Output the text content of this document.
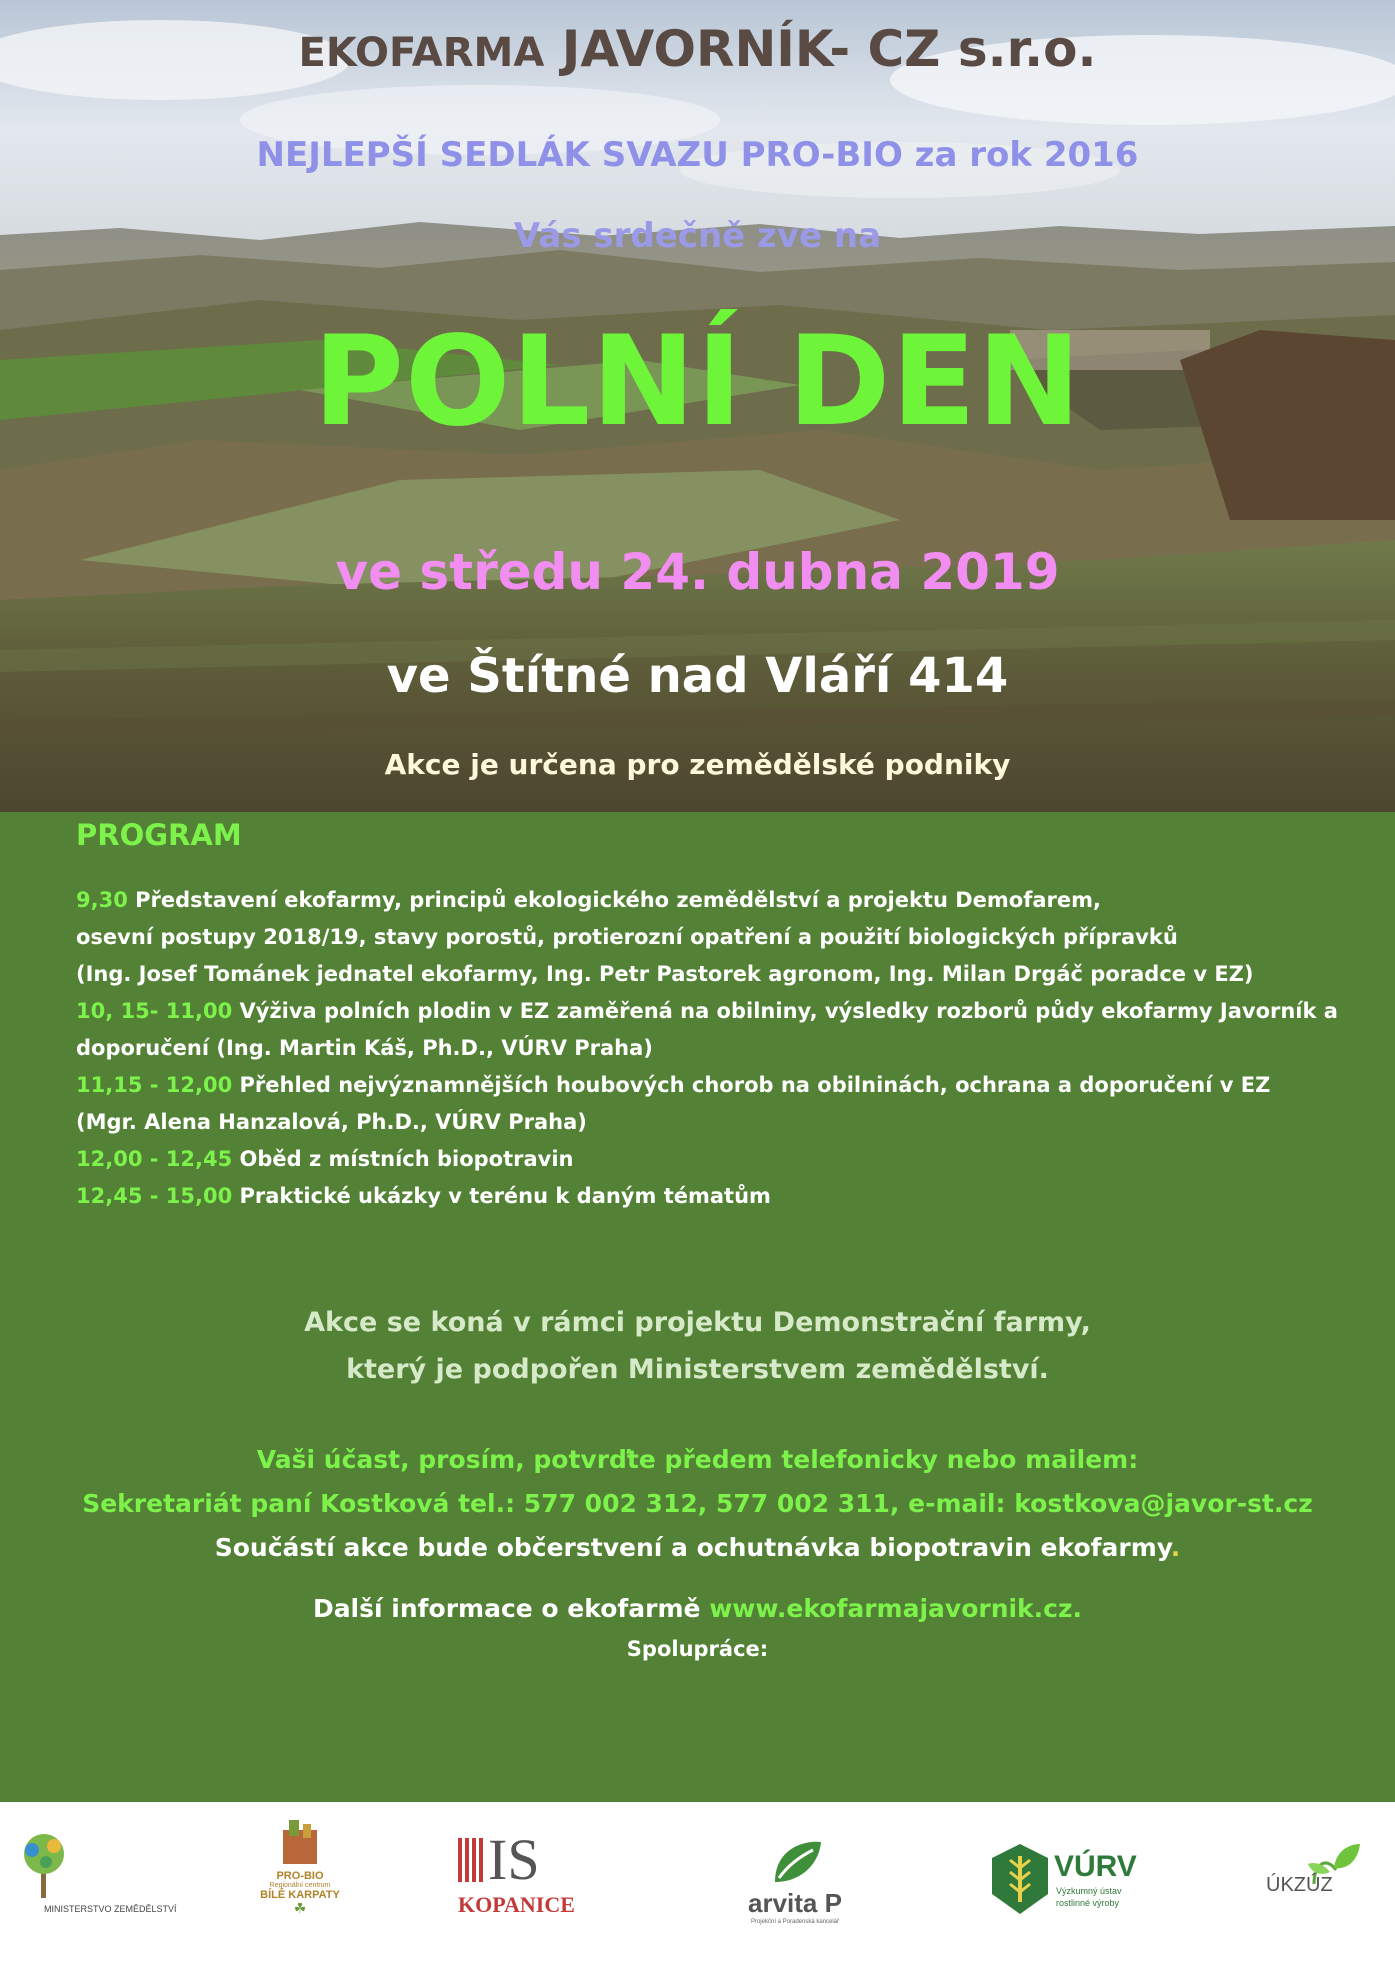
EKOFARMA JAVORNÍK- CZ s.r.o.
NEJLEPŠÍ SEDLÁK SVAZU PRO-BIO za rok 2016
Vás srdečně zve na
POLNÍ DEN
ve středu 24. dubna 2019
ve Štítné nad Vláří 414
Akce je určena pro zemědělské podniky
PROGRAM
9,30 Představení ekofarmy, principů ekologického zemědělství a projektu Demofarem,
osevní postupy 2018/19, stavy porostů, protierozní opatření a použití biologických přípravků
(Ing. Josef Tománek jednatel ekofarmy, Ing. Petr Pastorek agronom, Ing. Milan Drgáč poradce v EZ)
10, 15- 11,00 Výživa polních plodin v EZ zaměřená na obilniny, výsledky rozborů půdy ekofarmy Javorník a
doporučení (Ing. Martin Káš, Ph.D., VÚRV Praha)
11,15 - 12,00 Přehled nejvýznamnějších houbových chorob na obilninách, ochrana a doporučení v EZ
(Mgr. Alena Hanzalová, Ph.D., VÚRV Praha)
12,00 - 12,45 Oběd z místních biopotravin
12,45 - 15,00 Praktické ukázky v terénu k daným tématům
Akce se koná v rámci projektu Demonstrační farmy,
který je podpořen Ministerstvem zemědělství.
Vaši účast, prosím, potvrďte předem telefonicky nebo mailem:
Sekretariát paní Kostková tel.: 577 002 312, 577 002 311, e-mail: kostkova@javor-st.cz
Součástí akce bude občerstvení a ochutnávka biopotravin ekofarmy.
Další informace o ekofarmě www.ekofarmajavornik.cz.
Spolupráce:
MINISTERSTVO ZEMĚDĚLSTVÍ
PRO-BIO
Regionální centrum
BÍLÉ KARPATY
☘
IS
KOPANICE	arvita P
Projekční a Poradenská kancelář
VÚRV
Výzkumný ústav
rostlinné výroby
ÚKZÚZ
